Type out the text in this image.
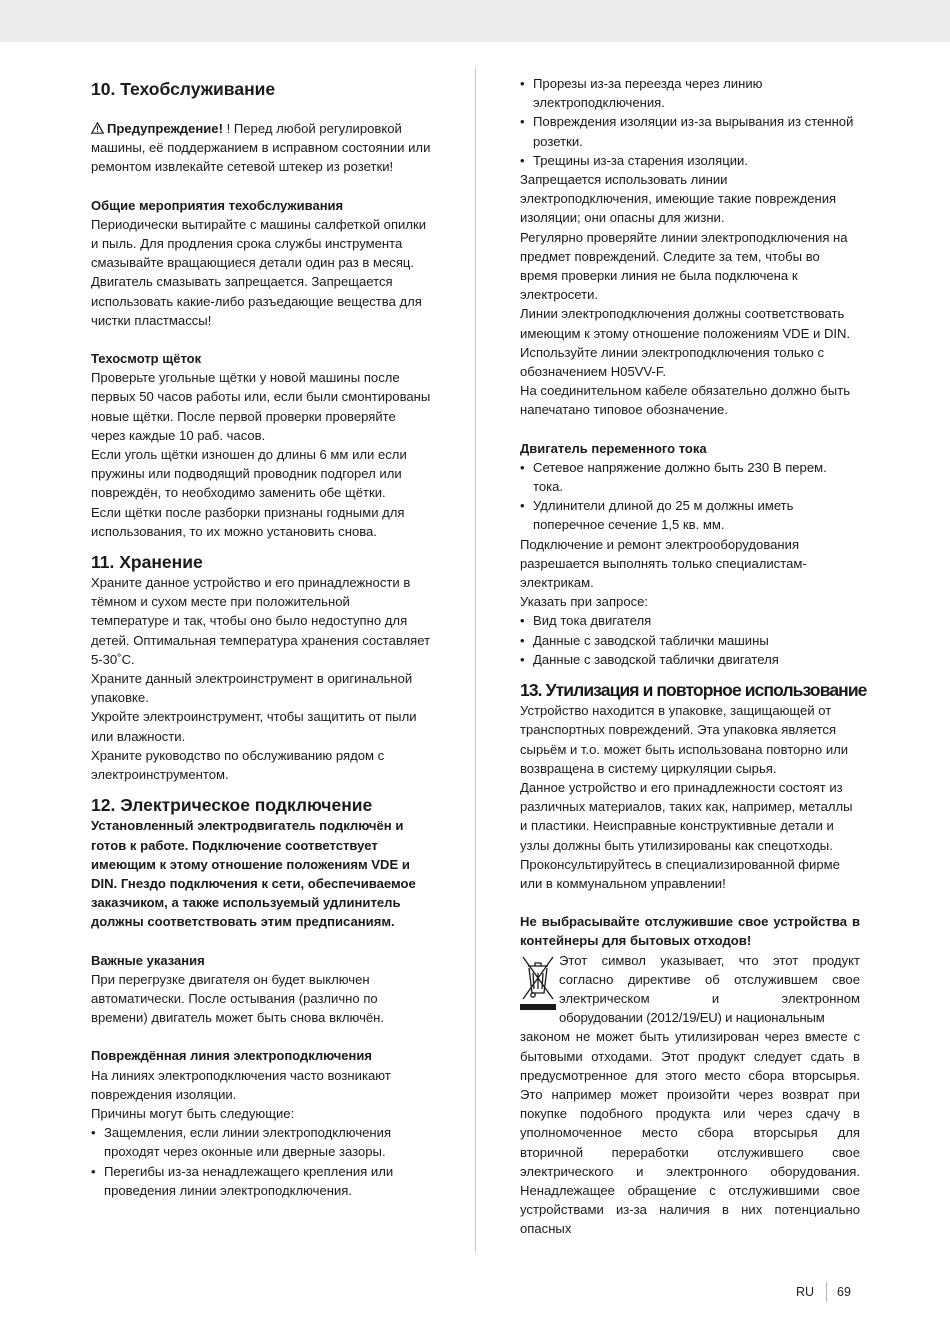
10. Техобслуживание

Предупреждение! ! Перед любой регулировкой машины, её поддержанием в исправном состоянии или ремонтом извлекайте сетевой штекер из розетки!

Общие мероприятия техобслуживания

Периодически вытирайте с машины салфеткой опилки и пыль. Для продления срока службы инструмента смазывайте вращающиеся детали один раз в месяц. Двигатель смазывать запрещается. Запрещается использовать какие-либо разъедающие вещества для чистки пластмассы!

Техосмотр щёток

Проверьте угольные щётки у новой машины после первых 50 часов работы или, если были смонтированы новые щётки. После первой проверки проверяйте через каждые 10 раб. часов.

Если уголь щётки изношен до длины 6 мм или если пружины или подводящий проводник подгорел или повреждён, то необходимо заменить обе щётки.

Если щётки после разборки признаны годными для использования, то их можно установить снова.

11. Хранение

Храните данное устройство и его принадлежности в тёмном и сухом месте при положительной температуре и так, чтобы оно было недоступно для детей. Оптимальная температура хранения составляет 5-30˚С.

Храните данный электроинструмент в оригинальной упаковке.

Укройте электроинструмент, чтобы защитить от пыли или влажности.

Храните руководство по обслуживанию рядом с электроинструментом.

12. Электрическое подключение

Установленный электродвигатель подключён и готов к работе. Подключение соответствует имеющим к этому отношение положениям VDE и DIN. Гнездо подключения к сети, обеспечиваемое заказчиком, а также используемый удлинитель должны соответствовать этим предписаниям.

Важные указания

При перегрузке двигателя он будет выключен автоматически. После остывания (различно по времени) двигатель может быть снова включён.

Повреждённая линия электроподключения

На линиях электроподключения часто возникают повреждения изоляции.

Причины могут быть следующие:

• Защемления, если линии электроподключения проходят через оконные или дверные зазоры.
• Перегибы из-за ненадлежащего крепления или проведения линии электроподключения.
• Прорезы из-за переезда через линию электроподключения.
• Повреждения изоляции из-за вырывания из стенной розетки.
• Трещины из-за старения изоляции.

Запрещается использовать линии электроподключения, имеющие такие повреждения изоляции; они опасны для жизни.

Регулярно проверяйте линии электроподключения на предмет повреждений. Следите за тем, чтобы во время проверки линия не была подключена к электросети.

Линии электроподключения должны соответствовать имеющим к этому отношение положениям VDE и DIN.

Используйте линии электроподключения только с обозначением H05VV-F.

На соединительном кабеле обязательно должно быть напечатано типовое обозначение.

Двигатель переменного тока
• Сетевое напряжение должно быть 230 В перем. тока.
• Удлинители длиной до 25 м должны иметь поперечное сечение 1,5 кв. мм.

Подключение и ремонт электрооборудования разрешается выполнять только специалистам-электрикам.

Указать при запросе:

• Вид тока двигателя
• Данные с заводской таблички машины
• Данные с заводской таблички двигателя
13. Утилизация и повторное использование

Устройство находится в упаковке, защищающей от транспортных повреждений. Эта упаковка является сырьём и т.о. может быть использована повторно или возвращена в систему циркуляции сырья.

Данное устройство и его принадлежности состоят из различных материалов, таких как, например, металлы и пластики. Неисправные конструктивные детали и узлы должны быть утилизированы как спецотходы. Проконсультируйтесь в специализированной фирме или в коммунальном управлении!

Не выбрасывайте отслужившие свое устройства в контейнеры для бытовых отходов!

Этот символ указывает, что этот продукт

согласно директиве об отслужившем свое

электрическом и электронном

оборудовании (2012/19/EU) и национальным

законом не может быть утилизирован через вместе с бытовыми отходами. Этот продукт следует сдать в предусмотренное для этого место сбора вторсырья. Это например может произойти через возврат при покупке подобного продукта или через сдачу в уполномоченное место сбора вторсырья для вторичной переработки отслужившего свое электрического и электронного оборудования. Ненадлежащее обращение с отслужившими свое устройствами из-за наличия в них потенциально опасных

RU 69
